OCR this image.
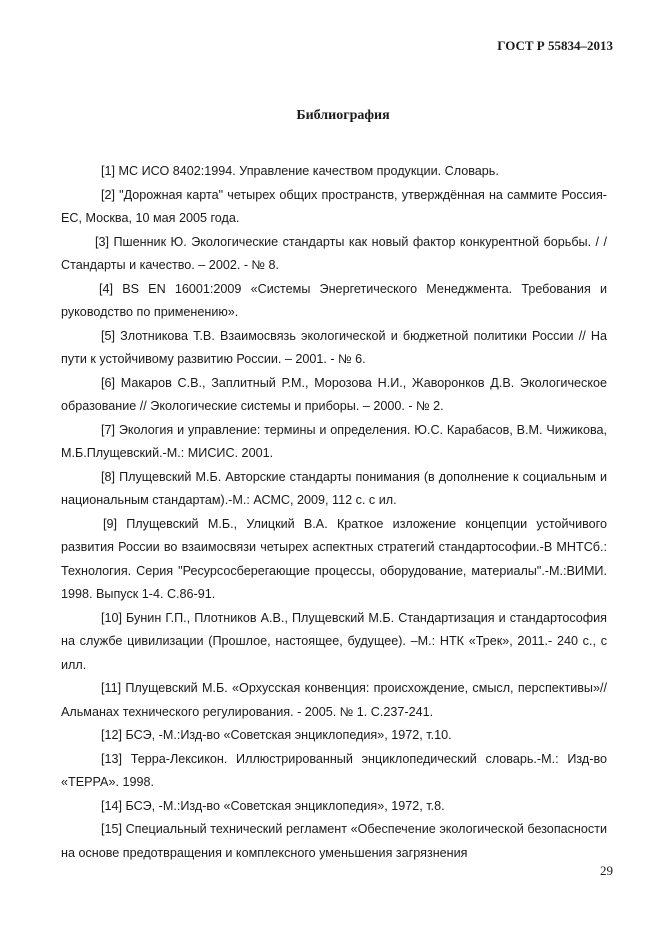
ГОСТ Р 55834–2013
Библиография

[1] МС ИСО 8402:1994. Управление качеством продукции. Словарь.

[2] "Дорожная карта" четырех общих пространств, утверждённая на саммите Россия-ЕС, Москва, 10 мая 2005 года.

[3] Пшенник Ю. Экологические стандарты как новый фактор конкурентной борьбы. / / Стандарты и качество. – 2002. - № 8.

[4] BS EN 16001:2009 «Системы Энергетического Менеджмента. Требования и руководство по применению».

[5] Злотникова Т.В. Взаимосвязь экологической и бюджетной политики России // На пути к устойчивому развитию России. – 2001. - № 6.

[6] Макаров С.В., Заплитный Р.М., Морозова Н.И., Жаворонков Д.В. Экологическое образование // Экологические системы и приборы. – 2000. - № 2.

[7] Экология и управление: термины и определения. Ю.С. Карабасов, В.М. Чижикова, М.Б.Плущевский.-М.: МИСИС. 2001.

[8] Плущевский М.Б. Авторские стандарты понимания (в дополнение к социальным и национальным стандартам).-М.: АСМС, 2009, 112 с. с ил.

[9] Плущевский М.Б., Улицкий В.А. Краткое изложение концепции устойчивого развития России во взаимосвязи четырех аспектных стратегий стандартософии.-В МНТСб.: Технология. Серия "Ресурсосберегающие процессы, оборудование, материалы".-М.:ВИМИ. 1998. Выпуск 1-4. С.86-91.

[10] Бунин Г.П., Плотников А.В., Плущевский М.Б. Стандартизация и стандартософия на службе цивилизации (Прошлое, настоящее, будущее). –М.: НТК «Трек», 2011.- 240 с., с илл.

[11] Плущевский М.Б. «Орхусская конвенция: происхождение, смысл, перспективы»// Альманах технического регулирования. - 2005. № 1. С.237-241.

[12] БСЭ, -М.:Изд-во «Советская энциклопедия», 1972, т.10.

[13] Терра-Лексикон. Иллюстрированный энциклопедический словарь.-М.: Изд-во «ТЕРРА». 1998.

[14] БСЭ, -М.:Изд-во «Советская энциклопедия», 1972, т.8.

[15] Специальный технический регламент «Обеспечение экологической безопасности на основе предотвращения и комплексного уменьшения загрязнения

29
